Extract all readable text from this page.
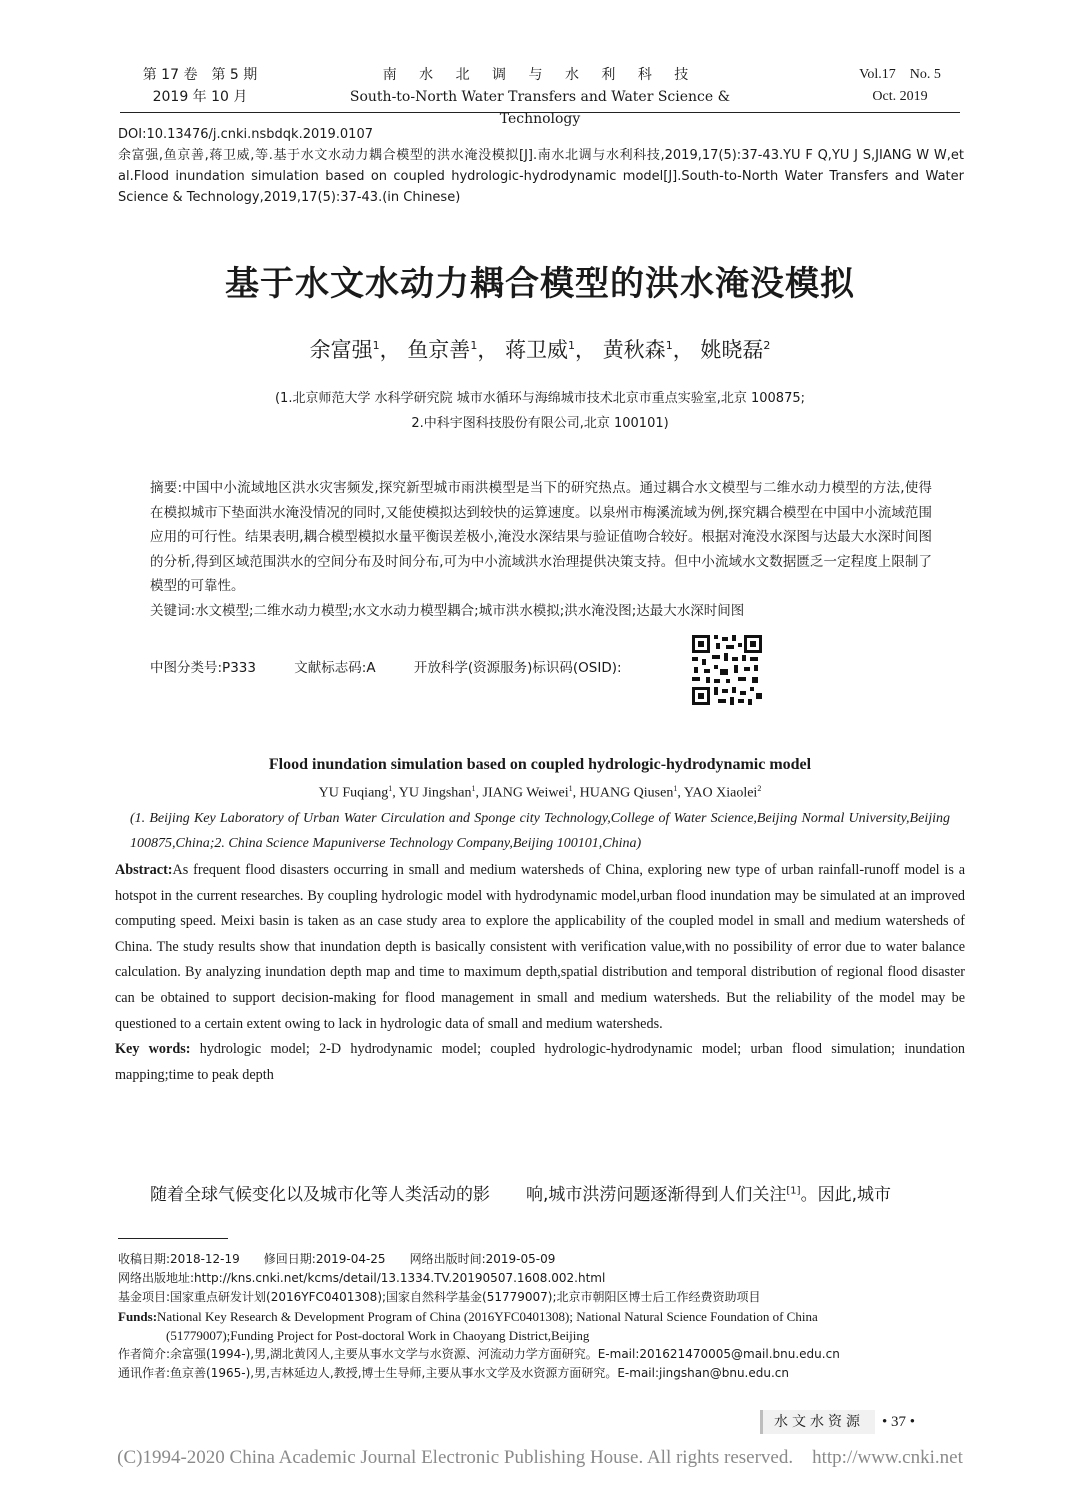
第 17 卷　第 5 期
2019 年 10 月
南 水 北 调 与 水 利 科 技
South-to-North Water Transfers and Water Science & Technology
Vol.17　No. 5
Oct. 2019
DOI:10.13476/j.cnki.nsbdqk.2019.0107

余富强,鱼京善,蒋卫威,等.基于水文水动力耦合模型的洪水淹没模拟[J].南水北调与水利科技,2019,17(5):37-43.YU F Q,YU J S,JIANG W W,et al.Flood inundation simulation based on coupled hydrologic-hydrodynamic model[J].South-to-North Water Transfers and Water Science & Technology,2019,17(5):37-43.(in Chinese)

基于水文水动力耦合模型的洪水淹没模拟
余富强$^1$， 鱼京善$^1$， 蒋卫威$^1$， 黄秋森$^1$， 姚晓磊$^2$
(1.北京师范大学 水科学研究院 城市水循环与海绵城市技术北京市重点实验室,北京 100875;
2.中科宇图科技股份有限公司,北京 100101)

摘要:中国中小流域地区洪水灾害频发,探究新型城市雨洪模型是当下的研究热点。通过耦合水文模型与二维水动力模型的方法,使得在模拟城市下垫面洪水淹没情况的同时,又能使模拟达到较快的运算速度。以泉州市梅溪流域为例,探究耦合模型在中国中小流域范围应用的可行性。结果表明,耦合模型模拟水量平衡误差极小,淹没水深结果与验证值吻合较好。根据对淹没水深图与达最大水深时间图的分析,得到区域范围洪水的空间分布及时间分布,可为中小流域洪水治理提供决策支持。但中小流域水文数据匮乏一定程度上限制了模型的可靠性。

关键词:水文模型;二维水动力模型;水文水动力模型耦合;城市洪水模拟;洪水淹没图;达最大水深时间图

中图分类号:P333	文献标志码:A	开放科学(资源服务)标识码(OSID):
Flood inundation simulation based on coupled hydrologic-hydrodynamic model
YU Fuqiang$^1$, YU Jingshan$^1$, JIANG Weiwei$^1$, HUANG Qiusen$^1$, YAO Xiaolei$^2$
(1. Beijing Key Laboratory of Urban Water Circulation and Sponge city Technology,College of Water Science,Beijing Normal University,Beijing 100875,China;2. China Science Mapuniverse Technology Company,Beijing 100101,China)

Abstract:As frequent flood disasters occurring in small and medium watersheds of China, exploring new type of urban rainfall-runoff model is a hotspot in the current researches. By coupling hydrologic model with hydrodynamic model,urban flood inundation may be simulated at an improved computing speed. Meixi basin is taken as an case study area to explore the applicability of the coupled model in small and medium watersheds of China. The study results show that inundation depth is basically consistent with verification value,with no possibility of error due to water balance calculation. By analyzing inundation depth map and time to maximum depth,spatial distribution and temporal distribution of regional flood disaster can be obtained to support decision-making for flood management in small and medium watersheds. But the reliability of the model may be questioned to a certain extent owing to lack in hydrologic data of small and medium watersheds.

Key words: hydrologic model; 2-D hydrodynamic model; coupled hydrologic-hydrodynamic model; urban flood simulation; inundation mapping;time to peak depth

随着全球气候变化以及城市化等人类活动的影 响,城市洪涝问题逐渐得到人们关注[1]。因此,城市

收稿日期:2018-12-19　　修回日期:2019-04-25　　网络出版时间:2019-05-09

网络出版地址:http://kns.cnki.net/kcms/detail/13.1334.TV.20190507.1608.002.html

基金项目:国家重点研发计划(2016YFC0401308);国家自然科学基金(51779007);北京市朝阳区博士后工作经费资助项目

Funds:National Key Research & Development Program of China (2016YFC0401308); National Natural Science Foundation of China

(51779007);Funding Project for Post-doctoral Work in Chaoyang District,Beijing

作者简介:余富强(1994-),男,湖北黄冈人,主要从事水文学与水资源、河流动力学方面研究。E-mail:201621470005@mail.bnu.edu.cn

通讯作者:鱼京善(1965-),男,吉林延边人,教授,博士生导师,主要从事水文学及水资源方面研究。E-mail:jingshan@bnu.edu.cn

水文水资源	• 37 •
(C)1994-2020 China Academic Journal Electronic Publishing House. All rights reserved.　http://www.cnki.net
